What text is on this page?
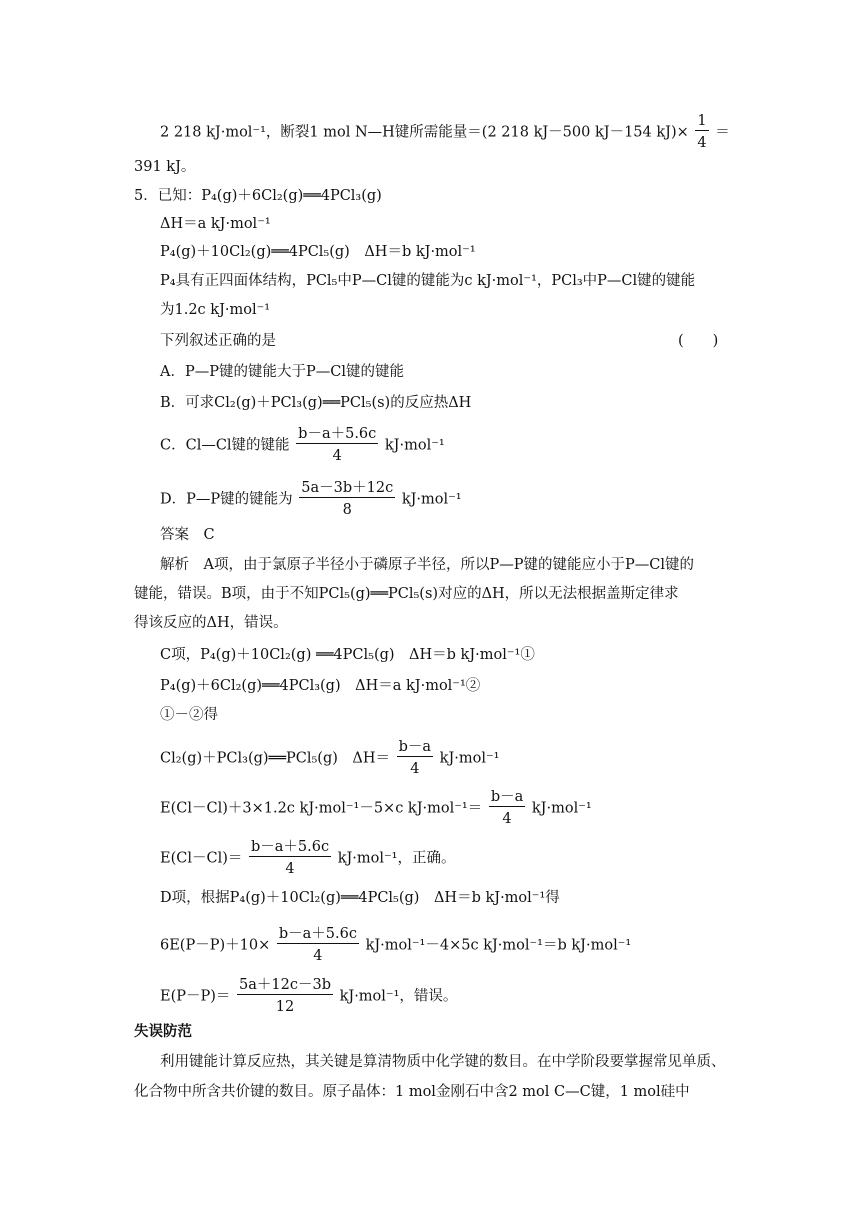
2 218 kJ·mol⁻¹，断裂1 mol N—H键所需能量＝(2 218 kJ－500 kJ－154 $kJ)\times \frac{1}{4}$ ＝
391 kJ。
5．已知：P₄(g)＋6Cl₂(g)══4PCl₃(g)
ΔH＝a kJ·mol⁻¹
P₄(g)＋10Cl₂(g)══4PCl₅(g)　ΔH＝b kJ·mol⁻¹
P₄具有正四面体结构，PCl₅中P—Cl键的键能为c kJ·mol⁻¹，PCl₃中P—Cl键的键能
为1.2c kJ·mol⁻¹
下列叙述正确的是	(　　)
A．P—P键的键能大于P—Cl键的键能
B．可求Cl₂(g)＋PCl₃(g)══PCl₅(s)的反应热ΔH
C．Cl—Cl键的键能 $\frac{b-a+5.6c}{4} kJ\cdot mol^{-1}$
D．P—P键的键能为 $\frac{5a-3b+12c}{8} kJ\cdot mol^{-1}$
答案　C
解析　A项，由于氯原子半径小于磷原子半径，所以P—P键的键能应小于P—Cl键的
键能，错误。B项，由于不知PCl₅(g)══PCl₅(s)对应的ΔH，所以无法根据盖斯定律求
得该反应的ΔH，错误。
C项，P₄(g)＋10Cl₂(g) ══4PCl₅(g)　ΔH＝b kJ·mol⁻¹①
P₄(g)＋6Cl₂(g)══4PCl₃(g)　ΔH＝a kJ·mol⁻¹②
①－②得
Cl₂(g)＋PCl₃(g)══PCl₅(g)　$\Delta H= \frac{b-a}{4} kJ\cdot mol^{-1}$
E(Cl－Cl)＋3×1.2c kJ·mol⁻¹－5×c $kJ\cdot mol^{-1}= \frac{b-a}{4} kJ\cdot mol^{-1}$
$E(Cl-Cl)= \frac{b-a+5.6c}{4} kJ\cdot mol^{-1}$，正确。
D项，根据P₄(g)＋10Cl₂(g)══4PCl₅(g)　ΔH＝b kJ·mol⁻¹得
$6E(P-P)+10\times \frac{b-a+5.6c}{4} kJ\cdot mol^{-1}-4\times 5c$ kJ·mol⁻¹＝b kJ·mol⁻¹
$E(P-P)= \frac{5a+12c-3b}{12} kJ\cdot mol^{-1}$，错误。
失误防范
利用键能计算反应热，其关键是算清物质中化学键的数目。在中学阶段要掌握常见单质、
化合物中所含共价键的数目。原子晶体：1 mol金刚石中含2 mol C—C键，1 mol硅中
